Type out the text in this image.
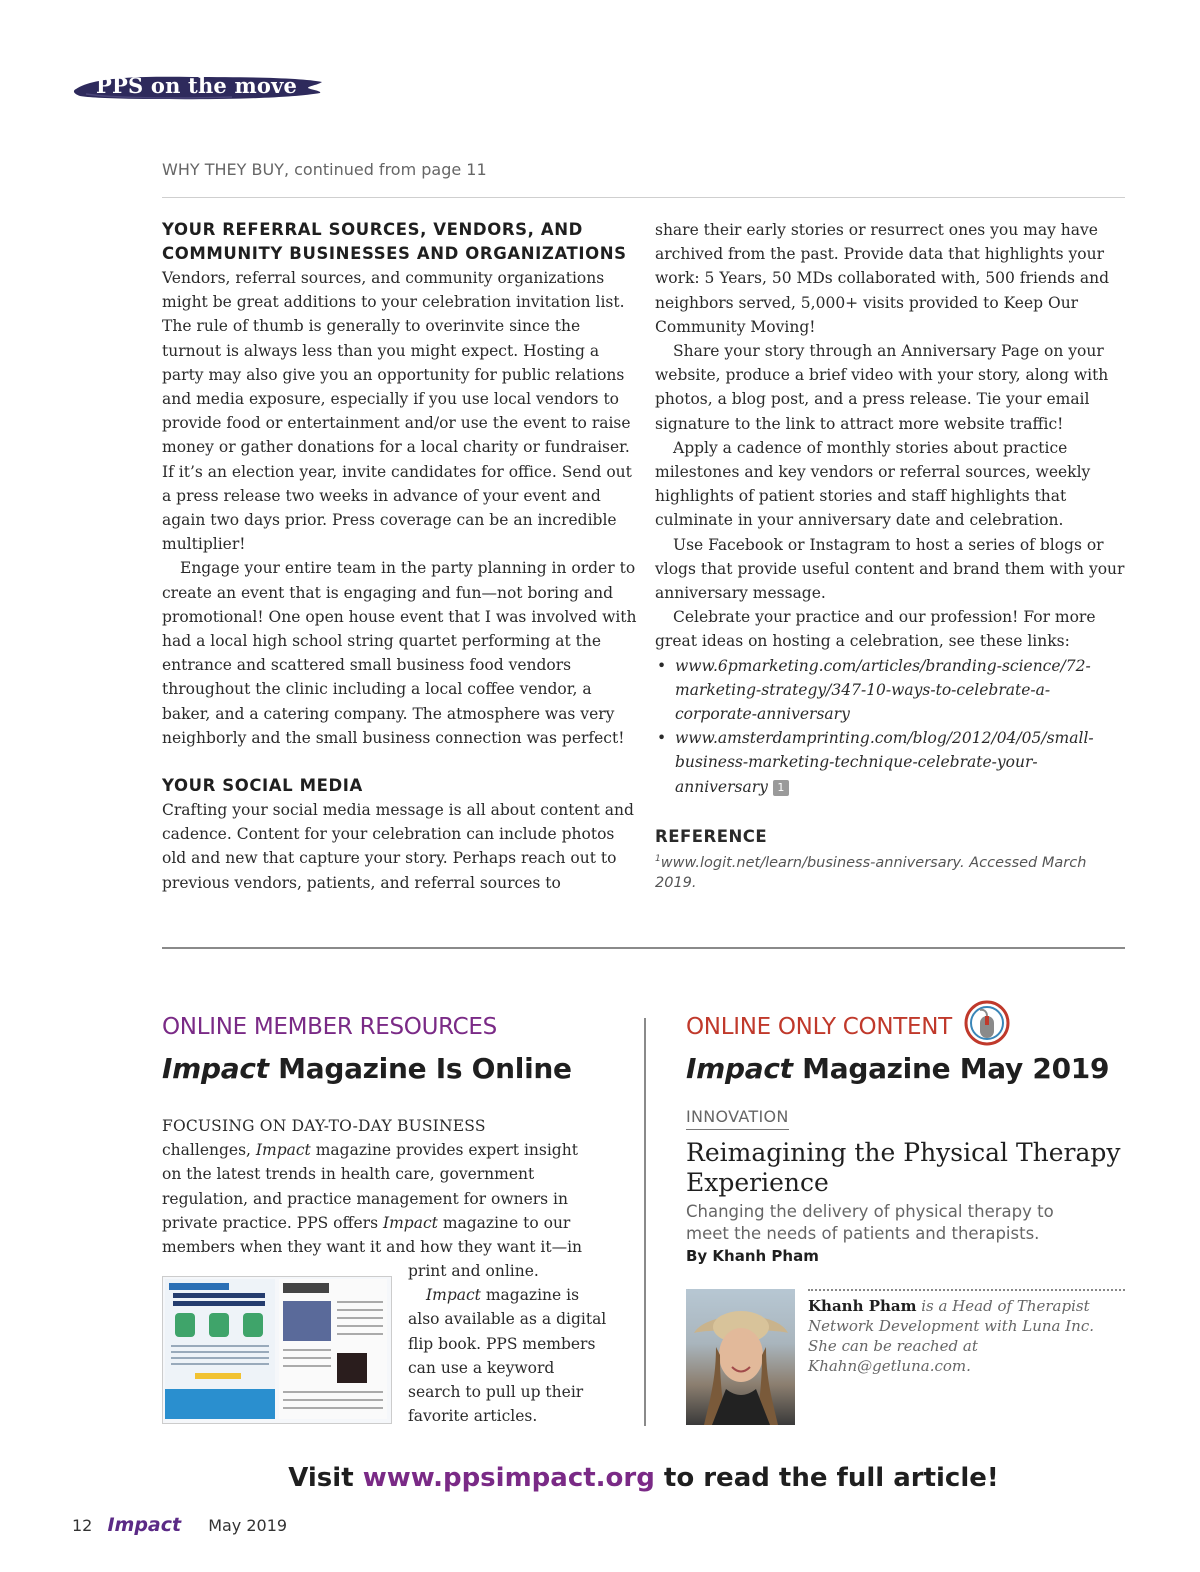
PPS on the move
WHY THEY BUY, continued from page 11
YOUR REFERRAL SOURCES, VENDORS, AND
COMMUNITY BUSINESSES AND ORGANIZATIONS

Vendors, referral sources, and community organizations might be great additions to your celebration invitation list. The rule of thumb is generally to overinvite since the turnout is always less than you might expect. Hosting a party may also give you an opportunity for public relations and media exposure, especially if you use local vendors to provide food or entertainment and/or use the event to raise money or gather donations for a local charity or fundraiser. If it’s an election year, invite candidates for office. Send out a press release two weeks in advance of your event and again two days prior. Press coverage can be an incredible multiplier!

Engage your entire team in the party planning in order to create an event that is engaging and fun—not boring and promotional! One open house event that I was involved with had a local high school string quartet performing at the entrance and scattered small business food vendors throughout the clinic including a local coffee vendor, a baker, and a catering company. The atmosphere was very neighborly and the small business connection was perfect!

YOUR SOCIAL MEDIA

Crafting your social media message is all about content and cadence. Content for your celebration can include photos old and new that capture your story. Perhaps reach out to previous vendors, patients, and referral sources to

share their early stories or resurrect ones you may have archived from the past. Provide data that highlights your work: 5 Years, 50 MDs collaborated with, 500 friends and neighbors served, 5,000+ visits provided to Keep Our Community Moving!

Share your story through an Anniversary Page on your website, produce a brief video with your story, along with photos, a blog post, and a press release. Tie your email signature to the link to attract more website traffic!

Apply a cadence of monthly stories about practice milestones and key vendors or referral sources, weekly highlights of patient stories and staff highlights that culminate in your anniversary date and celebration.

Use Facebook or Instagram to host a series of blogs or vlogs that provide useful content and brand them with your anniversary message.

Celebrate your practice and our profession! For more great ideas on hosting a celebration, see these links:

• www.6pmarketing.com/articles/branding-science/72-marketing-strategy/347-10-ways-to-celebrate-a-corporate-anniversary
• www.amsterdamprinting.com/blog/2012/04/05/small-business-marketing-technique-celebrate-your-anniversary 1
REFERENCE
$^1$www.logit.net/learn/business-anniversary. Accessed March 2019.
ONLINE MEMBER RESOURCES
Impact Magazine Is Online

FOCUSING ON DAY-TO-DAY BUSINESS

challenges, Impact magazine provides expert insight on the latest trends in health care, government regulation, and practice management for owners in private practice. PPS offers Impact magazine to our members when they want it and how they want it—in

print and online.

Impact magazine is also available as a digital flip book. PPS members can use a keyword search to pull up their favorite articles.

ONLINE ONLY CONTENT
Impact Magazine May 2019
INNOVATION
Reimagining the Physical Therapy Experience
Changing the delivery of physical therapy to meet the needs of patients and therapists.
By Khanh Pham
Khanh Pham is a Head of Therapist Network Development with Luna Inc. She can be reached at Khahn@getluna.com.
Visit www.ppsimpact.org to read the full article!
12 Impact May 2019
